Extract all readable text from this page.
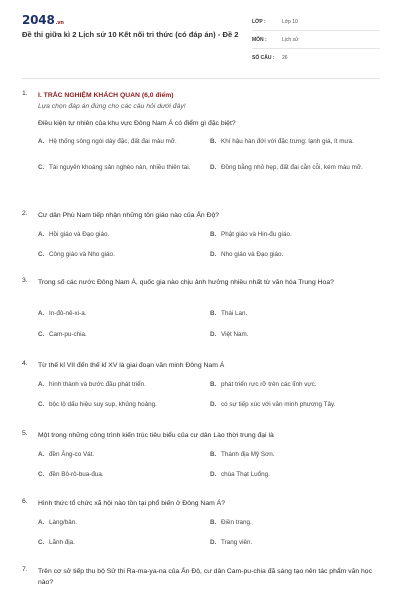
2048.vn
Đề thi giữa kì 2 Lịch sử 10 Kết nối tri thức (có đáp án) - Đề 2
LỚP :	Lớp 10
MÔN :	Lịch sử
SỐ CÂU :	26
1. I. TRẮC NGHIỆM KHÁCH QUAN (6,0 điểm)
Lựa chọn đáp án đúng cho các câu hỏi dưới đây!
Điều kiện tự nhiên của khu vực Đông Nam Á có điểm gì đặc biệt?
A. Hệ thống sông ngòi dày đặc, đất đai màu mỡ.	B. Khí hậu hàn đới với đặc trưng: lạnh giá, ít mưa.
C. Tài nguyên khoáng sản nghèo nàn, nhiều thiên tai.	D. Đồng bằng nhỏ hẹp, đất đai cằn cỗi, kém màu mỡ.
2. Cư dân Phù Nam tiếp nhận những tôn giáo nào của Ấn Độ?
A. Hồi giáo và Đạo giáo.	B. Phật giáo và Hin-đu giáo.
C. Công giáo và Nho giáo.	D. Nho giáo và Đạo giáo.
3. Trong số các nước Đông Nam Á, quốc gia nào chịu ảnh hưởng nhiều nhất từ văn hóa Trung Hoa?
A. In-đô-nê-xi-a.	B. Thái Lan.
C. Cam-pu-chia.	D. Việt Nam.
4. Từ thế kỉ VII đến thế kỉ XV là giai đoạn văn minh Đông Nam Á
A. hình thành và bước đầu phát triển.	B. phát triển rực rỡ trên các lĩnh vực.
C. bộc lộ dấu hiệu suy sụp, khủng hoảng.	D. có sự tiếp xúc với văn minh phương Tây.
5. Một trong những công trình kiến trúc tiêu biểu của cư dân Lào thời trung đại là
A. đền Ăng-co Vát.	B. Thánh địa Mỹ Sơn.
C. đền Bô-rô-bua-đua.	D. chùa Thạt Luổng.
6. Hình thức tổ chức xã hội nào tồn tại phổ biến ở Đông Nam Á?
A. Làng/bản.	B. Điền trang.
C. Lãnh địa.	D. Trang viên.
7. Trên cơ sở tiếp thu bộ Sử thi Ra-ma-ya-na của Ấn Độ, cư dân Cam-pu-chia đã sáng tạo nên tác phẩm văn học nào?
